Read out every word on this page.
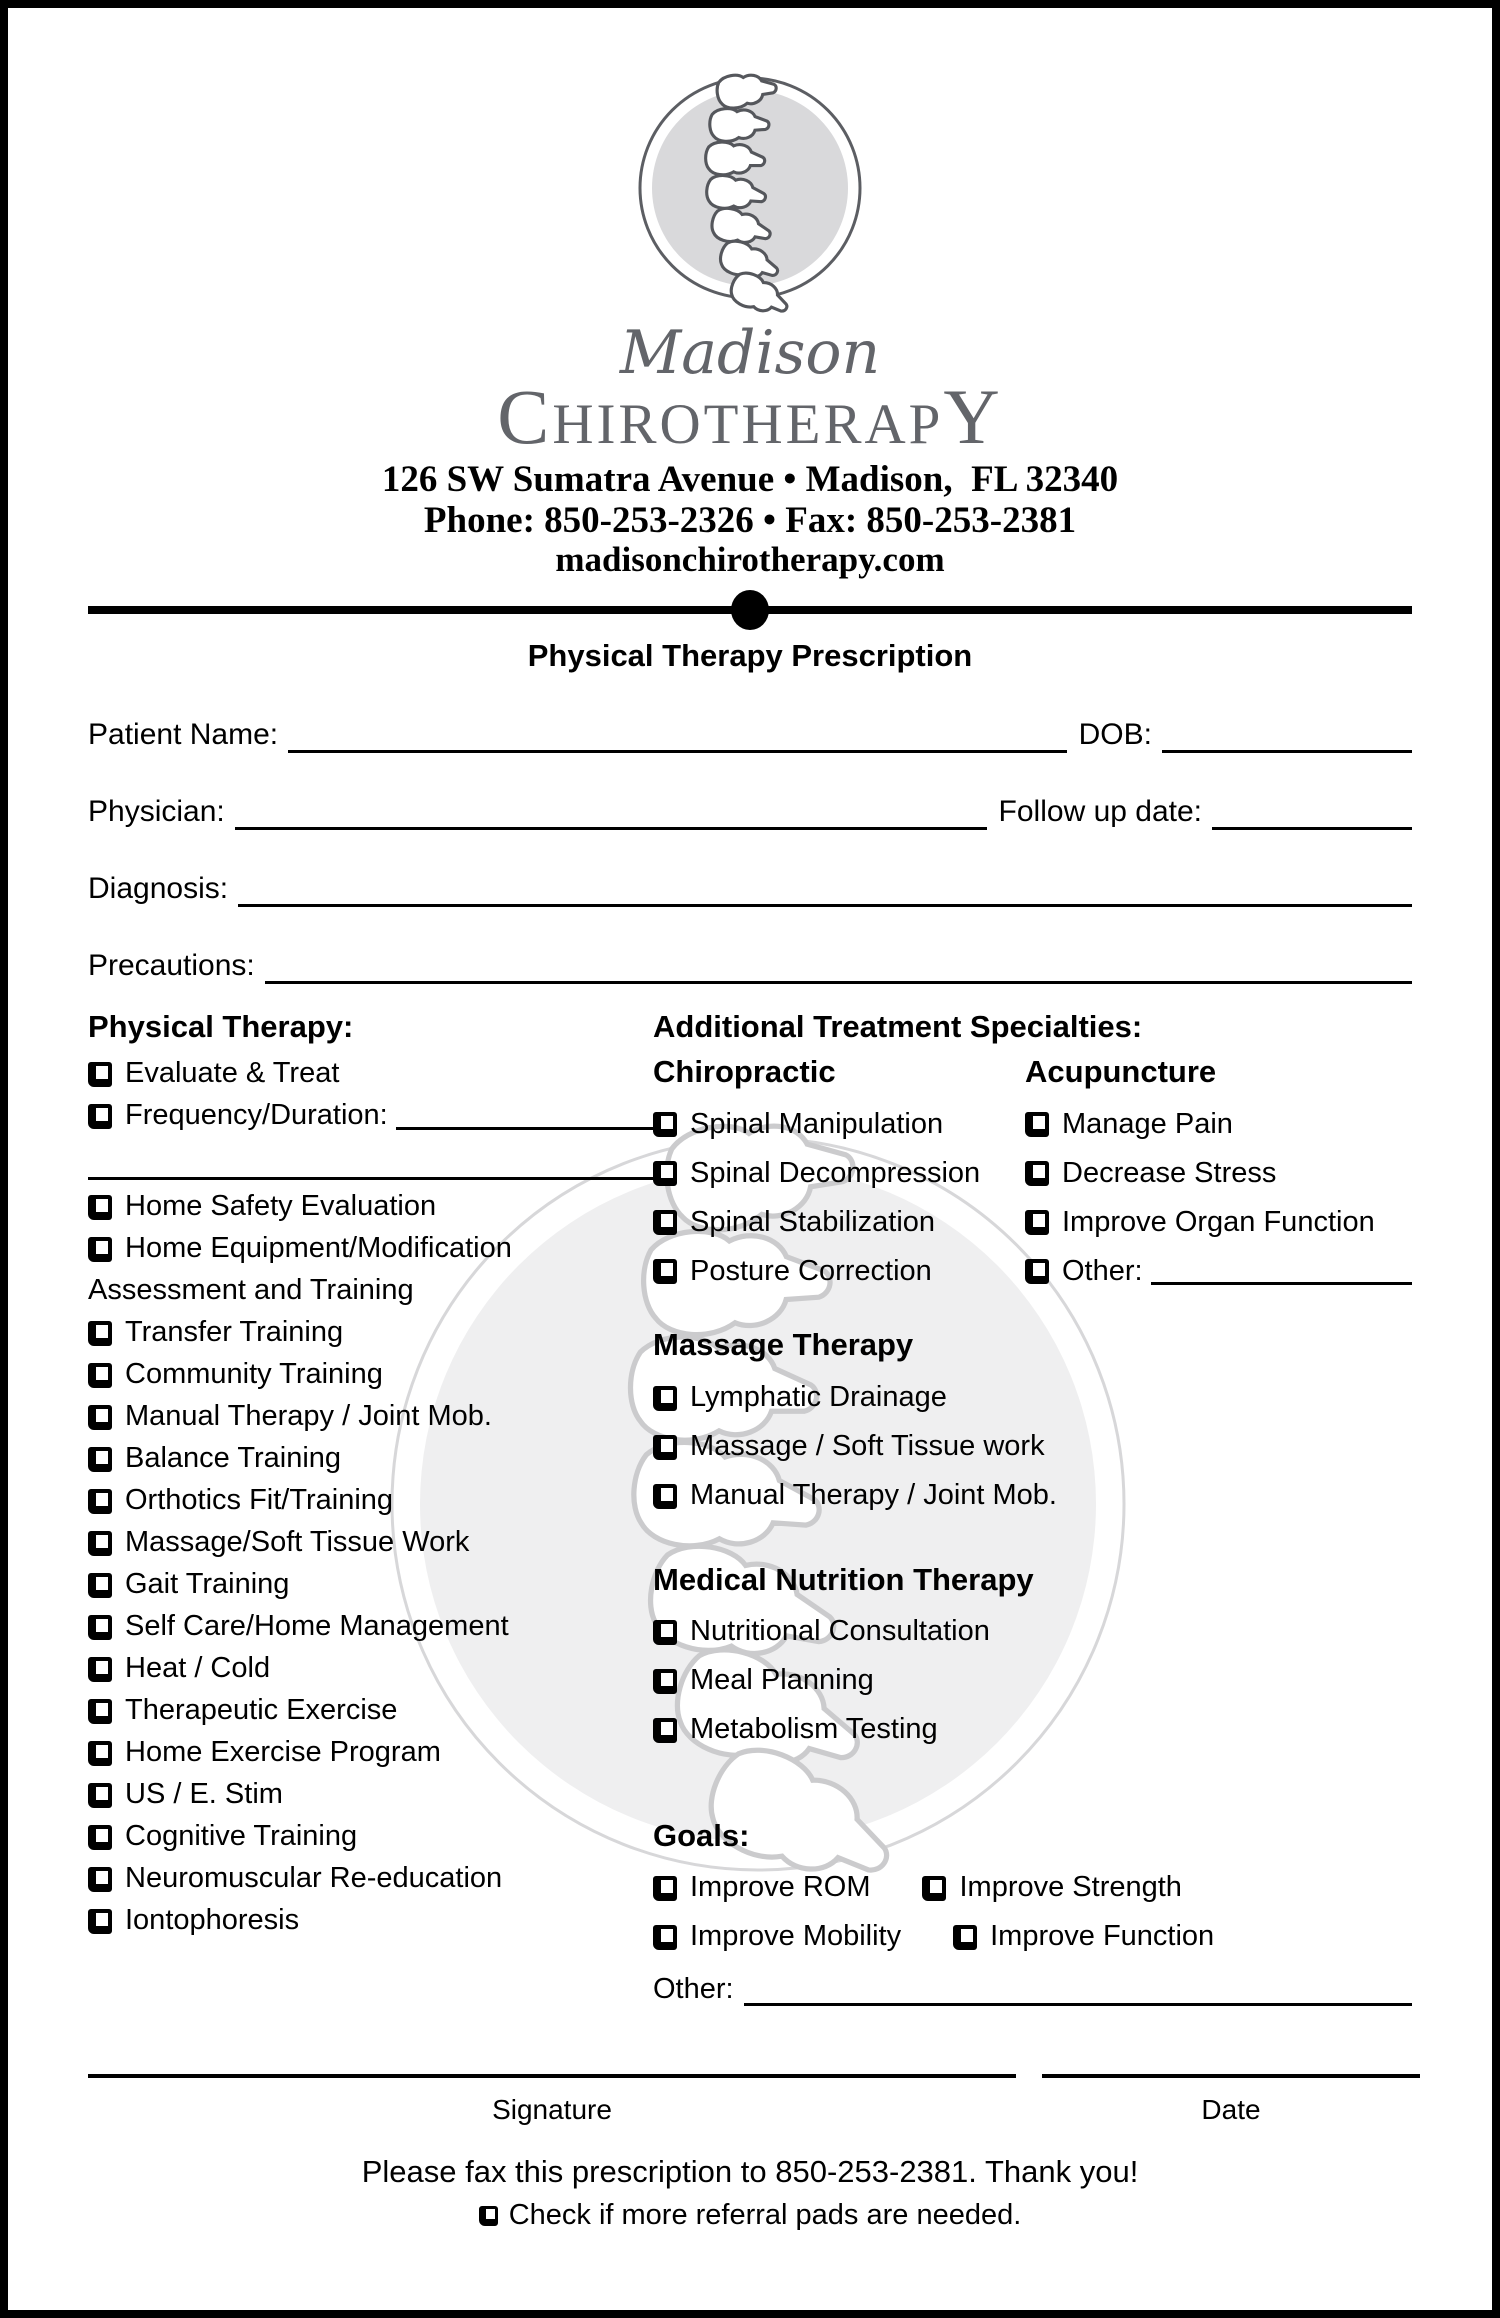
Madison
CHIROTHERAPY
126 SW Sumatra Avenue • Madison,  FL 32340
Phone: 850-253-2326 • Fax: 850-253-2381
madisonchirotherapy.com
Physical Therapy Prescription
Patient Name:	DOB:
Physician:	Follow up date:
Diagnosis:
Precautions:
Physical Therapy:
Evaluate & Treat
Frequency/Duration:
Home Safety Evaluation
Home Equipment/Modification
Assessment and Training
Transfer Training
Community Training
Manual Therapy / Joint Mob.
Balance Training
Orthotics Fit/Training
Massage/Soft Tissue Work
Gait Training
Self Care/Home Management
Heat / Cold
Therapeutic Exercise
Home Exercise Program
US / E. Stim
Cognitive Training
Neuromuscular Re-education
Iontophoresis
Additional Treatment Specialties:
Chiropractic
Spinal Manipulation
Spinal Decompression
Spinal Stabilization
Posture Correction
Acupuncture
Manage Pain
Decrease Stress
Improve Organ Function
Other:
Massage Therapy
Lymphatic Drainage
Massage / Soft Tissue work
Manual Therapy / Joint Mob.
Medical Nutrition Therapy
Nutritional Consultation
Meal Planning
Metabolism Testing
Goals:
Improve ROM	Improve Strength
Improve Mobility	Improve Function
Other:
Signature	Date
Please fax this prescription to 850-253-2381. Thank you!
Check if more referral pads are needed.
